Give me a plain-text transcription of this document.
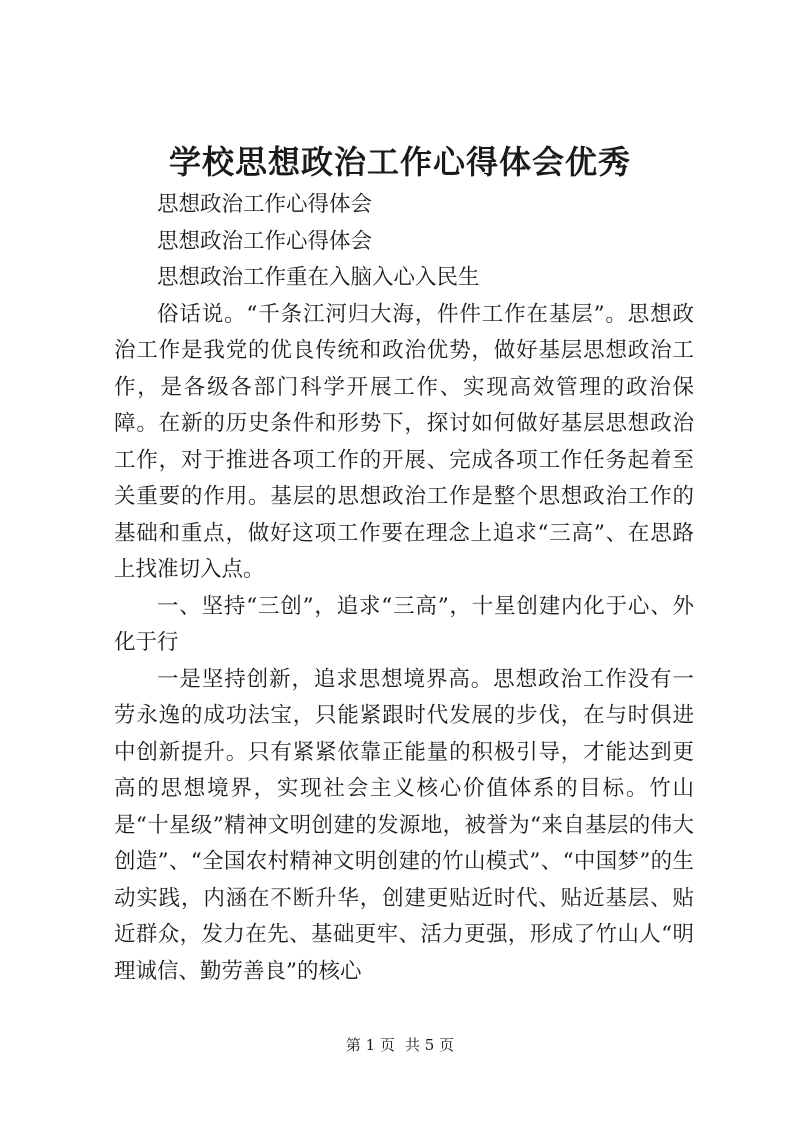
学校思想政治工作心得体会优秀

思想政治工作心得体会

思想政治工作心得体会

思想政治工作重在入脑入心入民生

俗话说。“千条江河归大海，件件工作在基层”。思想政治工作是我党的优良传统和政治优势，做好基层思想政治工作，是各级各部门科学开展工作、实现高效管理的政治保障。在新的历史条件和形势下，探讨如何做好基层思想政治工作，对于推进各项工作的开展、完成各项工作任务起着至关重要的作用。基层的思想政治工作是整个思想政治工作的基础和重点，做好这项工作要在理念上追求“三高”、在思路上找准切入点。

一、坚持“三创”，追求“三高”，十星创建内化于心、外化于行

一是坚持创新，追求思想境界高。思想政治工作没有一劳永逸的成功法宝，只能紧跟时代发展的步伐，在与时俱进中创新提升。只有紧紧依靠正能量的积极引导，才能达到更高的思想境界，实现社会主义核心价值体系的目标。竹山是“十星级”精神文明创建的发源地，被誉为“来自基层的伟大创造”、“全国农村精神文明创建的竹山模式”、“中国梦”的生动实践，内涵在不断升华，创建更贴近时代、贴近基层、贴近群众，发力在先、基础更牢、活力更强，形成了竹山人“明理诚信、勤劳善良”的核心

第 1 页 共 5 页
